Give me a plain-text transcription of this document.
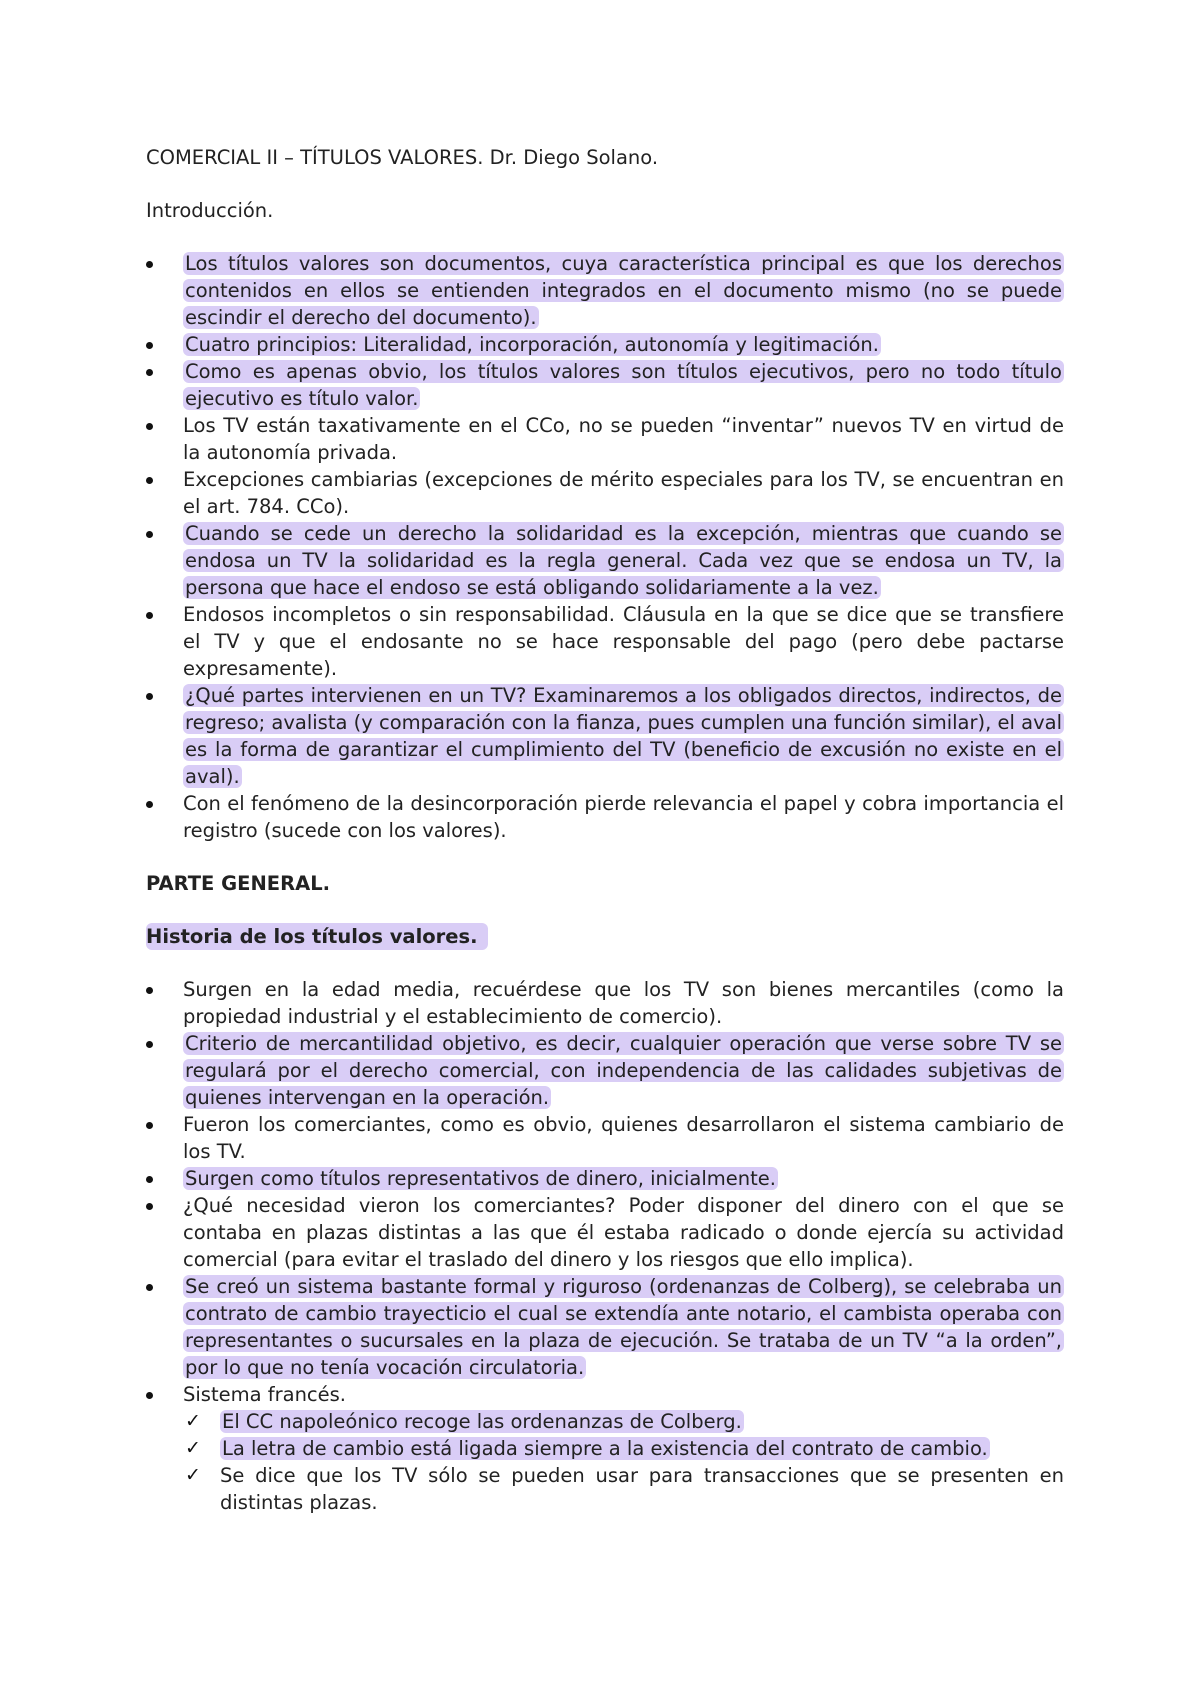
COMERCIAL II – TÍTULOS VALORES. Dr. Diego Solano.
Introducción.
Los títulos valores son documentos, cuya característica principal es que los derechos contenidos en ellos se entienden integrados en el documento mismo (no se puede escindir el derecho del documento).
Cuatro principios: Literalidad, incorporación, autonomía y legitimación.
Como es apenas obvio, los títulos valores son títulos ejecutivos, pero no todo título ejecutivo es título valor.
Los TV están taxativamente en el CCo, no se pueden “inventar” nuevos TV en virtud de la autonomía privada.
Excepciones cambiarias (excepciones de mérito especiales para los TV, se encuentran en el art. 784. CCo).
Cuando se cede un derecho la solidaridad es la excepción, mientras que cuando se endosa un TV la solidaridad es la regla general. Cada vez que se endosa un TV, la persona que hace el endoso se está obligando solidariamente a la vez.
Endosos incompletos o sin responsabilidad. Cláusula en la que se dice que se transfiere el TV y que el endosante no se hace responsable del pago (pero debe pactarse expresamente).
¿Qué partes intervienen en un TV? Examinaremos a los obligados directos, indirectos, de regreso; avalista (y comparación con la fianza, pues cumplen una función similar), el aval es la forma de garantizar el cumplimiento del TV (beneficio de excusión no existe en el aval).
Con el fenómeno de la desincorporación pierde relevancia el papel y cobra importancia el registro (sucede con los valores).
PARTE GENERAL.
Historia de los títulos valores.
Surgen en la edad media, recuérdese que los TV son bienes mercantiles (como la propiedad industrial y el establecimiento de comercio).
Criterio de mercantilidad objetivo, es decir, cualquier operación que verse sobre TV se regulará por el derecho comercial, con independencia de las calidades subjetivas de quienes intervengan en la operación.
Fueron los comerciantes, como es obvio, quienes desarrollaron el sistema cambiario de los TV.
Surgen como títulos representativos de dinero, inicialmente.
¿Qué necesidad vieron los comerciantes? Poder disponer del dinero con el que se contaba en plazas distintas a las que él estaba radicado o donde ejercía su actividad comercial (para evitar el traslado del dinero y los riesgos que ello implica).
Se creó un sistema bastante formal y riguroso (ordenanzas de Colberg), se celebraba un contrato de cambio trayecticio el cual se extendía ante notario, el cambista operaba con representantes o sucursales en la plaza de ejecución. Se trataba de un TV “a la orden”, por lo que no tenía vocación circulatoria.
Sistema francés.
✓ El CC napoleónico recoge las ordenanzas de Colberg.
✓ La letra de cambio está ligada siempre a la existencia del contrato de cambio.
✓ Se dice que los TV sólo se pueden usar para transacciones que se presenten en distintas plazas.
